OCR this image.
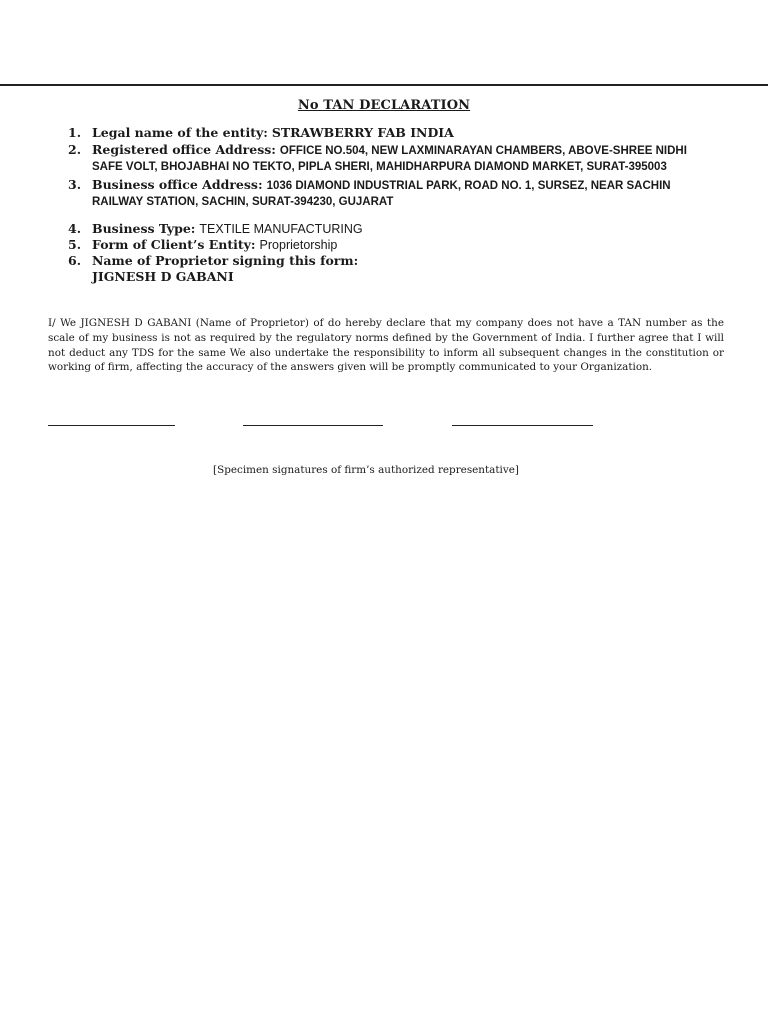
No TAN DECLARATION
1. Legal name of the entity: STRAWBERRY FAB INDIA
2. Registered office Address: OFFICE NO.504, NEW LAXMINARAYAN CHAMBERS, ABOVE-SHREE NIDHI
SAFE VOLT, BHOJABHAI NO TEKTO, PIPLA SHERI, MAHIDHARPURA DIAMOND MARKET, SURAT-395003
3. Business office Address: 1036 DIAMOND INDUSTRIAL PARK, ROAD NO. 1, SURSEZ, NEAR SACHIN
RAILWAY STATION, SACHIN, SURAT-394230, GUJARAT
4. Business Type: TEXTILE MANUFACTURING
5. Form of Client’s Entity: Proprietorship
6. Name of Proprietor signing this form:
JIGNESH D GABANI
I/ We JIGNESH D GABANI (Name of Proprietor) of do hereby declare that my company does not have a TAN number as the scale of my business is not as required by the regulatory norms defined by the Government of India. I further agree that I will not deduct any TDS for the same We also undertake the responsibility to inform all subsequent changes in the constitution or working of firm, affecting the accuracy of the answers given will be promptly communicated to your Organization.
[Specimen signatures of firm’s authorized representative]
